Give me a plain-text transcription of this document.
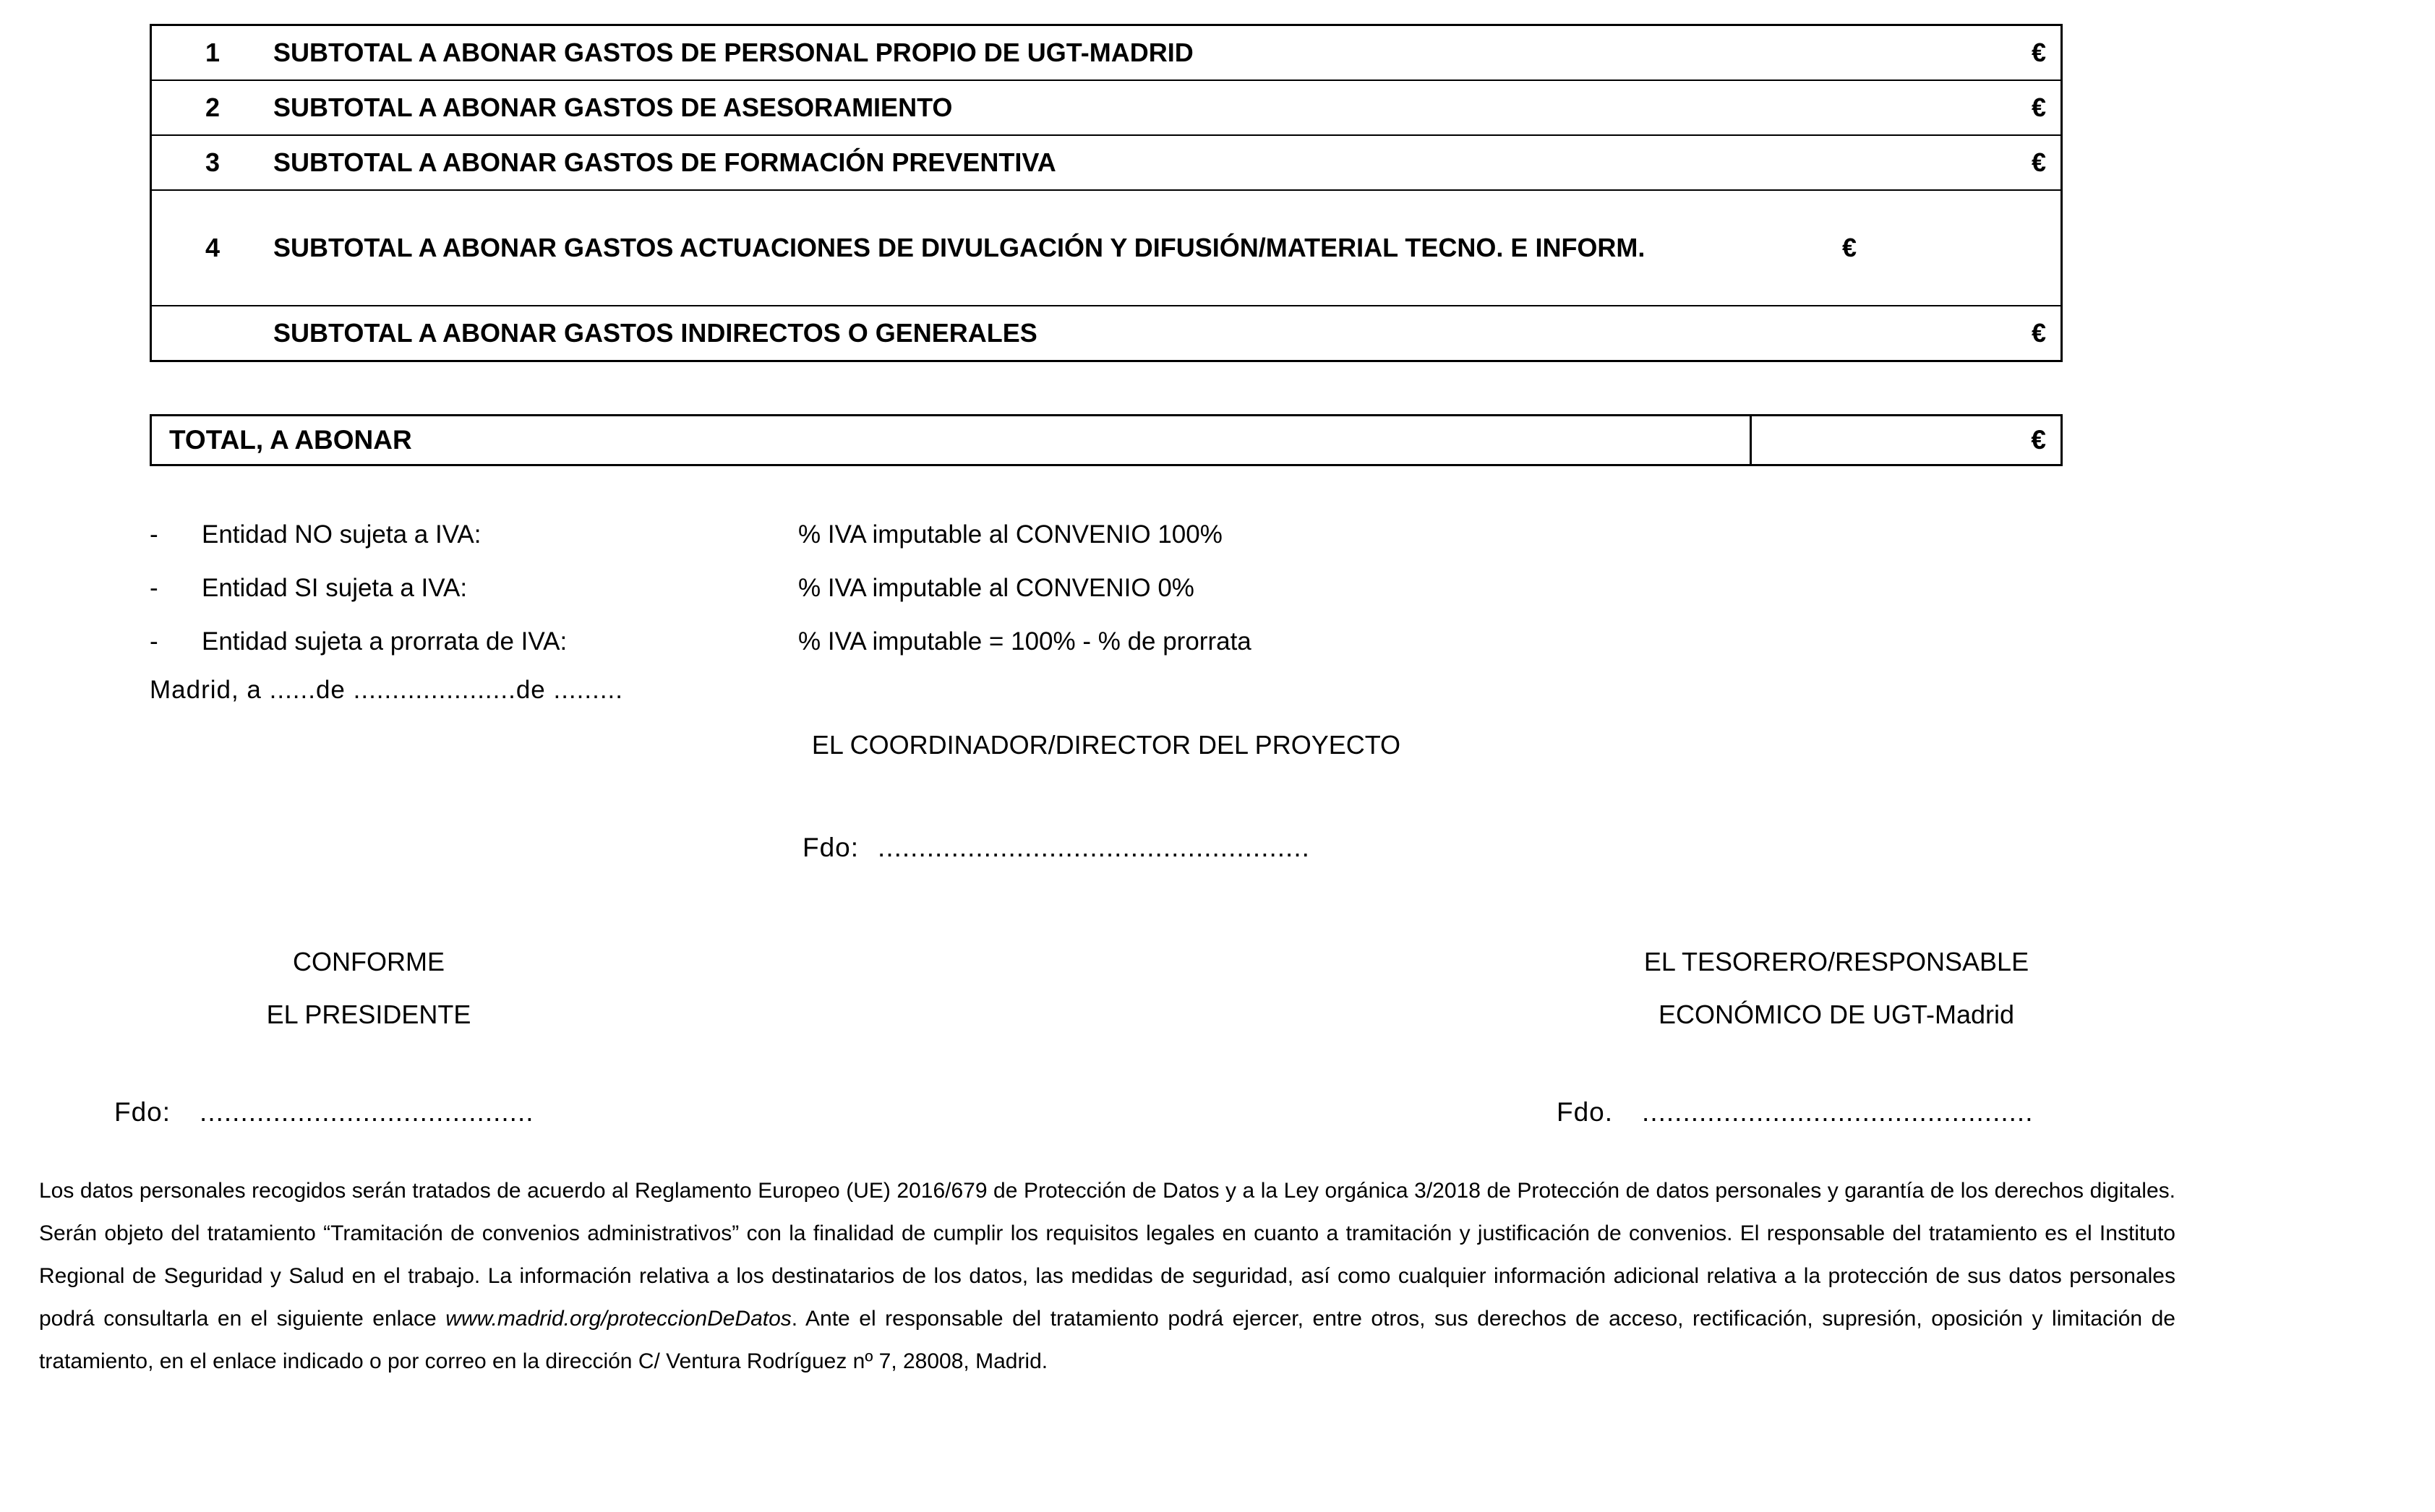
1	SUBTOTAL A ABONAR GASTOS DE PERSONAL PROPIO DE UGT-MADRID	€
2	SUBTOTAL A ABONAR GASTOS DE ASESORAMIENTO	€
3	SUBTOTAL A ABONAR GASTOS DE FORMACIÓN PREVENTIVA	€
4	SUBTOTAL A ABONAR GASTOS ACTUACIONES DE DIVULGACIÓN Y DIFUSIÓN/MATERIAL TECNO. E INFORM.	€
SUBTOTAL A ABONAR GASTOS INDIRECTOS O GENERALES	€
TOTAL, A ABONAR	€
-	Entidad NO sujeta a IVA:	% IVA imputable al CONVENIO 100%
-	Entidad SI sujeta a IVA:	% IVA imputable al CONVENIO 0%
-	Entidad sujeta a prorrata de IVA:	% IVA imputable = 100% - % de prorrata
Madrid, a ......de .....................de .........
EL COORDINADOR/DIRECTOR DEL PROYECTO
Fdo: .....................................................
CONFORME
EL PRESIDENTE
EL TESORERO/RESPONSABLE
ECONÓMICO DE UGT-Madrid
Fdo: .........................................	Fdo. ................................................
Los datos personales recogidos serán tratados de acuerdo al Reglamento Europeo (UE) 2016/679 de Protección de Datos y a la Ley orgánica 3/2018 de Protección de datos personales y garantía de los derechos digitales. Serán objeto del tratamiento “Tramitación de convenios administrativos” con la finalidad de cumplir los requisitos legales en cuanto a tramitación y justificación de convenios. El responsable del tratamiento es el Instituto Regional de Seguridad y Salud en el trabajo. La información relativa a los destinatarios de los datos, las medidas de seguridad, así como cualquier información adicional relativa a la protección de sus datos personales podrá consultarla en el siguiente enlace www.madrid.org/proteccionDeDatos. Ante el responsable del tratamiento podrá ejercer, entre otros, sus derechos de acceso, rectificación, supresión, oposición y limitación de tratamiento, en el enlace indicado o por correo en la dirección C/ Ventura Rodríguez nº 7, 28008, Madrid.
